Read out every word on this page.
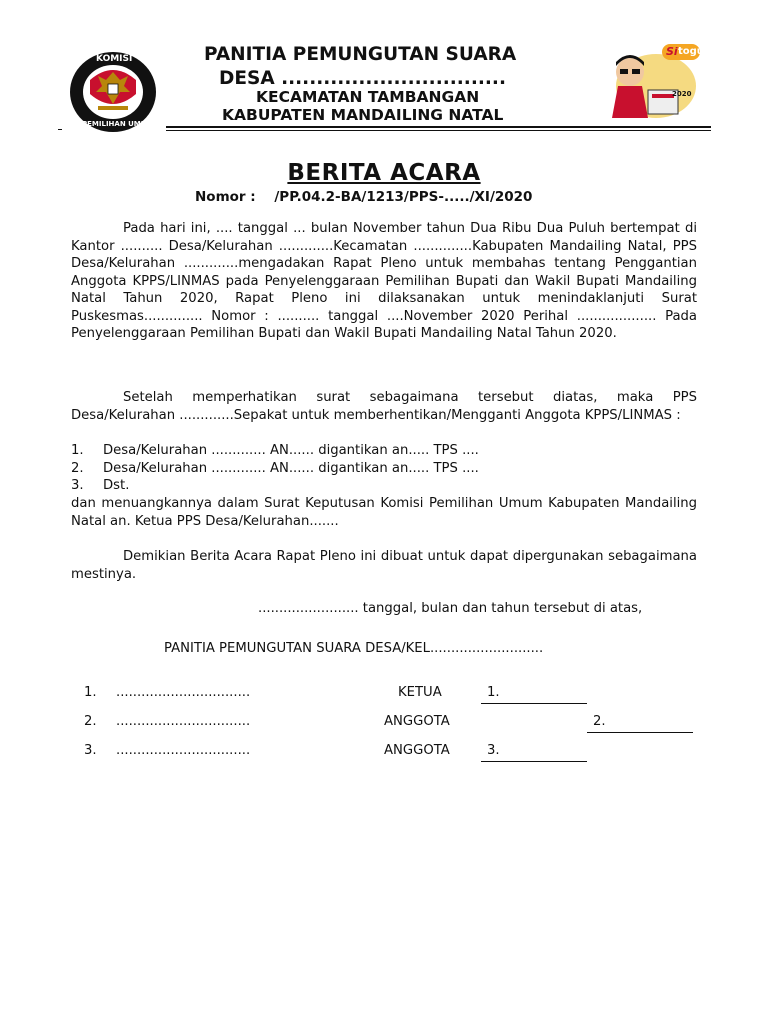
KOMISI
PEMILIHAN UMUM
PANITIA PEMUNGUTAN SUARA
DESA ................................
KECAMATAN TAMBANGAN
KABUPATEN MANDAILING NATAL
Si togu
2020
BERITA ACARA
Nomor : /PP.04.2-BA/1213/PPS-...../XI/2020
Pada hari ini, .... tanggal ... bulan November tahun Dua Ribu Dua Puluh bertempat di Kantor .......... Desa/Kelurahan .............Kecamatan ..............Kabupaten Mandailing Natal, PPS Desa/Kelurahan .............mengadakan Rapat Pleno untuk membahas tentang Penggantian Anggota KPPS/LINMAS pada Penyelenggaraan Pemilihan Bupati dan Wakil Bupati Mandailing Natal Tahun 2020, Rapat Pleno ini dilaksanakan untuk menindaklanjuti Surat Puskesmas.............. Nomor : .......... tanggal ....November 2020 Perihal ................... Pada Penyelenggaraan Pemilihan Bupati dan Wakil Bupati Mandailing Natal Tahun 2020.
Setelah memperhatikan surat sebagaimana tersebut diatas, maka PPS Desa/Kelurahan .............Sepakat untuk memberhentikan/Mengganti Anggota KPPS/LINMAS :
1.	Desa/Kelurahan ............. AN...... digantikan an..... TPS ....
2.	Desa/Kelurahan ............. AN...... digantikan an..... TPS ....
3.	Dst.
dan menuangkannya dalam Surat Keputusan Komisi Pemilihan Umum Kabupaten Mandailing Natal an. Ketua PPS Desa/Kelurahan.......
Demikian Berita Acara Rapat Pleno ini dibuat untuk dapat dipergunakan sebagaimana mestinya.
........................ tanggal, bulan dan tahun tersebut di atas,
PANITIA PEMUNGUTAN SUARA DESA/KEL...........................
1. ................................	KETUA	1.
2. ................................	ANGGOTA	2.
3. ................................	ANGGOTA	3.
